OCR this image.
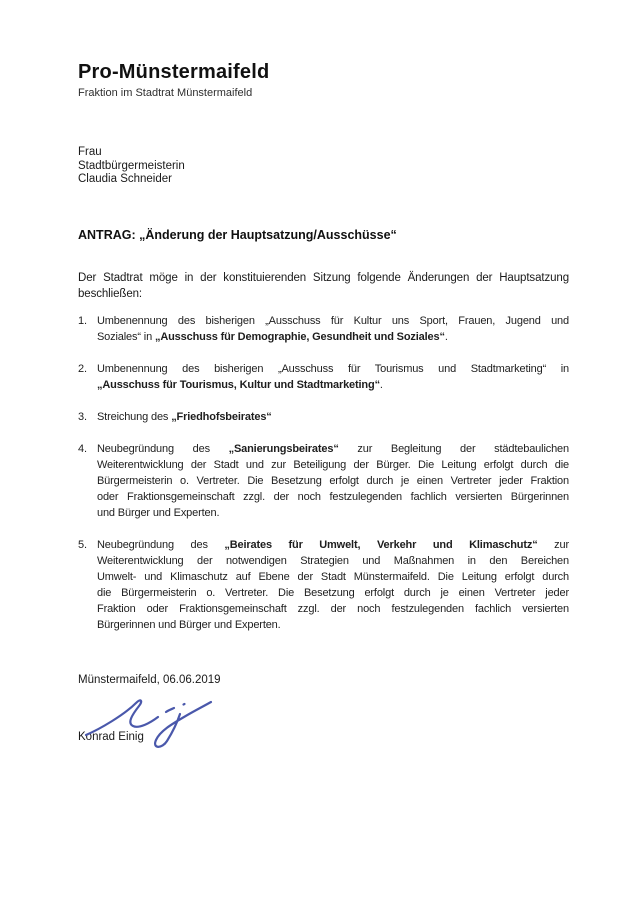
Pro-Münstermaifeld
Fraktion im Stadtrat Münstermaifeld
Frau
Stadtbürgermeisterin
Claudia Schneider
ANTRAG: „Änderung der Hauptsatzung/Ausschüsse“
Der Stadtrat möge in der konstituierenden Sitzung folgende Änderungen der Hauptsatzung
beschließen:
1. Umbenennung des bisherigen „Ausschuss für Kultur uns Sport, Frauen, Jugend und
Soziales“ in „Ausschuss für Demographie, Gesundheit und Soziales“.
2. Umbenennung des bisherigen „Ausschuss für Tourismus und Stadtmarketing“ in
„Ausschuss für Tourismus, Kultur und Stadtmarketing“.
3. Streichung des „Friedhofsbeirates“
4. Neubegründung des „Sanierungsbeirates“ zur Begleitung der städtebaulichen
Weiterentwicklung der Stadt und zur Beteiligung der Bürger. Die Leitung erfolgt durch die
Bürgermeisterin o. Vertreter. Die Besetzung erfolgt durch je einen Vertreter jeder Fraktion
oder Fraktionsgemeinschaft zzgl. der noch festzulegenden fachlich versierten Bürgerinnen
und Bürger und Experten.
5. Neubegründung des „Beirates für Umwelt, Verkehr und Klimaschutz“ zur
Weiterentwicklung der notwendigen Strategien und Maßnahmen in den Bereichen
Umwelt- und Klimaschutz auf Ebene der Stadt Münstermaifeld. Die Leitung erfolgt durch
die Bürgermeisterin o. Vertreter. Die Besetzung erfolgt durch je einen Vertreter jeder
Fraktion oder Fraktionsgemeinschaft zzgl. der noch festzulegenden fachlich versierten
Bürgerinnen und Bürger und Experten.
Münstermaifeld, 06.06.2019
Konrad Einig
